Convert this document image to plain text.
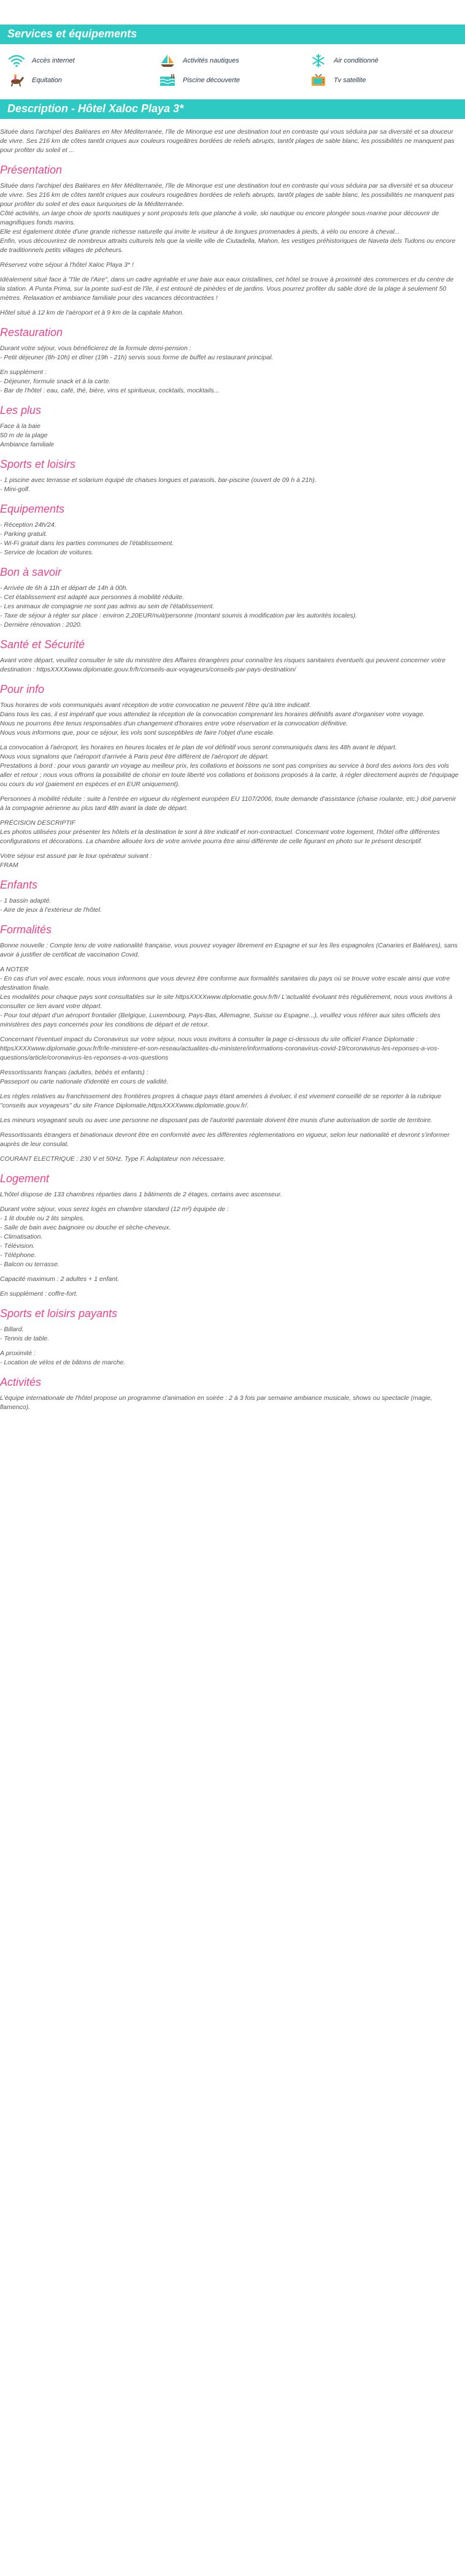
Services et équipements
Accès internet	Activités nautiques	Air conditionné
Equitation	Piscine découverte	Tv satellite
Description - Hôtel Xaloc Playa 3*

Située dans l'archipel des Baléares en Mer Méditerranée, l'île de Minorque est une destination tout en contraste qui vous séduira par sa diversité et sa douceur de vivre. Ses 216 km de côtes tantôt criques aux couleurs rougeâtres bordées de reliefs abrupts, tantôt plages de sable blanc, les possibilités ne manquent pas pour profiter du soleil et ...

Présentation

Située dans l'archipel des Baléares en Mer Méditerranée, l'île de Minorque est une destination tout en contraste qui vous séduira par sa diversité et sa douceur de vivre. Ses 216 km de côtes tantôt criques aux couleurs rougeâtres bordées de reliefs abrupts, tantôt plages de sable blanc, les possibilités ne manquent pas pour profiter du soleil et des eaux turquoises de la Méditerranée.
Côté activités, un large choix de sports nautiques y sont proposés tels que planche à voile, ski nautique ou encore plongée sous-marine pour découvrir de magnifiques fonds marins.
Elle est également dotée d'une grande richesse naturelle qui invite le visiteur à de longues promenades à pieds, à vélo ou encore à cheval...
Enfin, vous découvrirez de nombreux attraits culturels tels que la vieille ville de Ciutadella, Mahon, les vestiges préhistoriques de Naveta dels Tudons ou encore de traditionnels petits villages de pêcheurs.

Réservez votre séjour à l'hôtel Xaloc Playa 3* !

Idéalement situé face à "l'Ile de l'Aire", dans un cadre agréable et une baie aux eaux cristallines, cet hôtel se trouve à proximité des commerces et du centre de la station. A Punta Prima, sur la pointe sud-est de l'île, il est entouré de pinèdes et de jardins. Vous pourrez profiter du sable doré de la plage à seulement 50 mètres. Relaxation et ambiance familiale pour des vacances décontractées !

Hôtel situé à 12 km de l'aéroport et à 9 km de la capitale Mahon.

Restauration

Durant votre séjour, vous bénéficierez de la formule demi-pension :
- Petit déjeuner (8h-10h) et dîner (19h - 21h) servis sous forme de buffet au restaurant principal.

En supplément :
- Déjeuner, formule snack et à la carte.
- Bar de l'hôtel : eau, café, thé, bière, vins et spiritueux, cocktails, mocktails...

Les plus

Face à la baie
50 m de la plage
Ambiance familiale

Sports et loisirs

- 1 piscine avec terrasse et solarium équipé de chaises longues et parasols, bar-piscine (ouvert de 09 h à 21h).
- Mini-golf.

Equipements

- Réception 24h/24.
- Parking gratuit.
- Wi-Fi gratuit dans les parties communes de l'établissement.
- Service de location de voitures.

Bon à savoir

- Arrivée de 6h à 11h et départ de 14h à 00h.
- Cet établissement est adapté aux personnes à mobilité réduite.
- Les animaux de compagnie ne sont pas admis au sein de l'établissement.
- Taxe de séjour à régler sur place : environ 2,20EUR/nuit/personne (montant soumis à modification par les autorités locales).
- Dernière rénovation : 2020.

Santé et Sécurité

Avant votre départ, veuillez consulter le site du ministère des Affaires étrangères pour connaître les risques sanitaires éventuels qui peuvent concerner votre destination : httpsXXXXwww.diplomatie.gouv.fr/fr/conseils-aux-voyageurs/conseils-par-pays-destination/

Pour info

Tous horaires de vols communiqués avant réception de votre convocation ne peuvent l'être qu'à titre indicatif.
Dans tous les cas, il est impératif que vous attendiez la réception de la convocation comprenant les horaires définitifs avant d'organiser votre voyage.
Nous ne pourrons être tenus responsables d'un changement d'horaires entre votre réservation et la convocation définitive.
Nous vous informons que, pour ce séjour, les vols sont susceptibles de faire l'objet d'une escale.

La convocation à l'aéroport, les horaires en heures locales et le plan de vol définitif vous seront communiqués dans les 48h avant le départ.
Nous vous signalons que l'aéroport d'arrivée à Paris peut être différent de l'aéroport de départ.
Prestations à bord : pour vous garantir un voyage au meilleur prix, les collations et boissons ne sont pas comprises au service à bord des avions lors des vols aller et retour ; nous vous offrons la possibilité de choisir en toute liberté vos collations et boissons proposés à la carte, à régler directement auprès de l'équipage ou cours du vol (paiement en espèces et en EUR uniquement).

Personnes à mobilité réduite : suite à l'entrée en vigueur du règlement européen EU 1107/2006, toute demande d'assistance (chaise roulante, etc.) doit parvenir à la compagnie aérienne au plus tard 48h avant la date de départ.

PRÉCISION DESCRIPTIF
Les photos utilisées pour présenter les hôtels et la destination le sont à titre indicatif et non-contractuel. Concernant votre logement, l'hôtel offre différentes configurations et décorations. La chambre allouée lors de votre arrivée pourra être ainsi différente de celle figurant en photo sur le présent descriptif.

Votre séjour est assuré par le tour opérateur suivant :
FRAM

Enfants

- 1 bassin adapté.
- Aire de jeux à l'extérieur de l'hôtel.

Formalités

Bonne nouvelle : Compte tenu de votre nationalité française, vous pouvez voyager librement en Espagne et sur les îles espagnoles (Canaries et Baléares), sans avoir à justifier de certificat de vaccination Covid.

A NOTER
- En cas d'un vol avec escale, nous vous informons que vous devrez être conforme aux formalités sanitaires du pays où se trouve votre escale ainsi que votre destination finale.
Les modalités pour chaque pays sont consultables sur le site httpsXXXXwww.diplomatie.gouv.fr/fr/ L'actualité évoluant très régulièrement, nous vous invitons à consulter ce lien avant votre départ.
- Pour tout départ d'un aéroport frontalier (Belgique, Luxembourg, Pays-Bas, Allemagne, Suisse ou Espagne...), veuillez vous référer aux sites officiels des ministères des pays concernés pour les conditions de départ et de retour.

Concernant l'éventuel impact du Coronavirus sur votre séjour, nous vous invitons à consulter la page ci-dessous du site officiel France Diplomatie :
httpsXXXXwww.diplomatie.gouv.fr/fr/le-ministere-et-son-reseau/actualites-du-ministere/informations-coronavirus-covid-19/coronavirus-les-reponses-a-vos-questions/article/coronavirus-les-reponses-a-vos-questions

Ressortissants français (adultes, bébés et enfants) :
Passeport ou carte nationale d'identité en cours de validité.

Les règles relatives au franchissement des frontières propres à chaque pays étant amenées à évoluer, il est vivement conseillé de se reporter à la rubrique "conseils aux voyageurs" du site France Diplomatie,httpsXXXXwww.diplomatie.gouv.fr/.

Les mineurs voyageant seuls ou avec une personne ne disposant pas de l'autorité parentale doivent être munis d'une autorisation de sortie de territoire.

Ressortissants étrangers et binationaux devront être en conformité avec les différentes réglementations en vigueur, selon leur nationalité et devront s'informer auprès de leur consulat.

COURANT ELECTRIQUE : 230 V et 50Hz. Type F. Adaptateur non nécessaire.

Logement

L'hôtel dispose de 133 chambres réparties dans 1 bâtiments de 2 étages, certains avec ascenseur.

Durant votre séjour, vous serez logés en chambre standard (12 m²) équipée de :
- 1 lit double ou 2 lits simples.
- Salle de bain avec baignoire ou douche et sèche-cheveux.
- Climatisation.
- Télévision.
- Téléphone.
- Balcon ou terrasse.

Capacité maximum : 2 adultes + 1 enfant.

En supplément : coffre-fort.

Sports et loisirs payants

- Billard.
- Tennis de table.

A proximité :
- Location de vélos et de bâtons de marche.

Activités

L'équipe internationale de l'hôtel propose un programme d'animation en soirée : 2 à 3 fois par semaine ambiance musicale, shows ou spectacle (magie, flamenco).
